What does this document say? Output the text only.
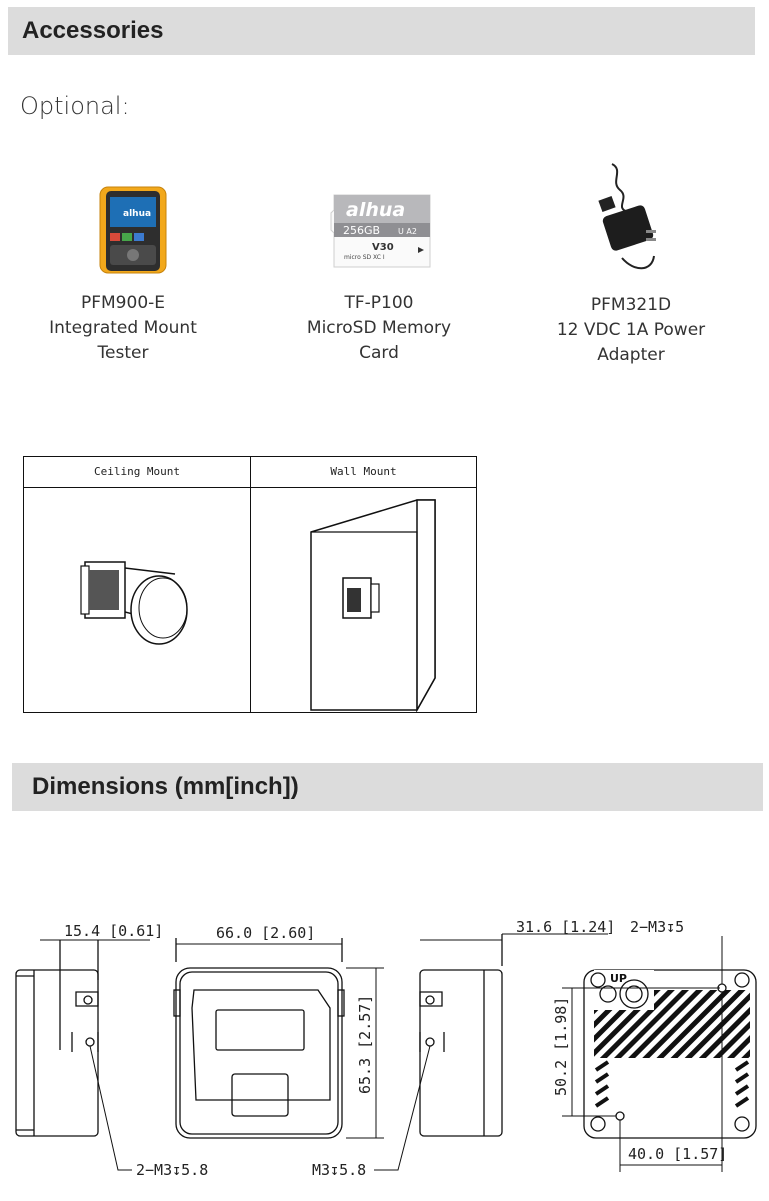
Accessories
Optional:
alhua	alhua
256GB U A2
V30
micro SD XC I
PFM900-E
Integrated Mount
Tester
TF-P100
MicroSD Memory
Card
PFM321D
12 VDC 1A Power
Adapter
Ceiling Mount	Wall Mount
Dimensions (mm[inch])
15.4 [0.61]
2−M3↧5.8
66.0 [2.60]
65.3 [2.57]
31.6 [1.24]
M3↧5.8
UP
2−M3↧5
50.2 [1.98]
40.0 [1.57]
